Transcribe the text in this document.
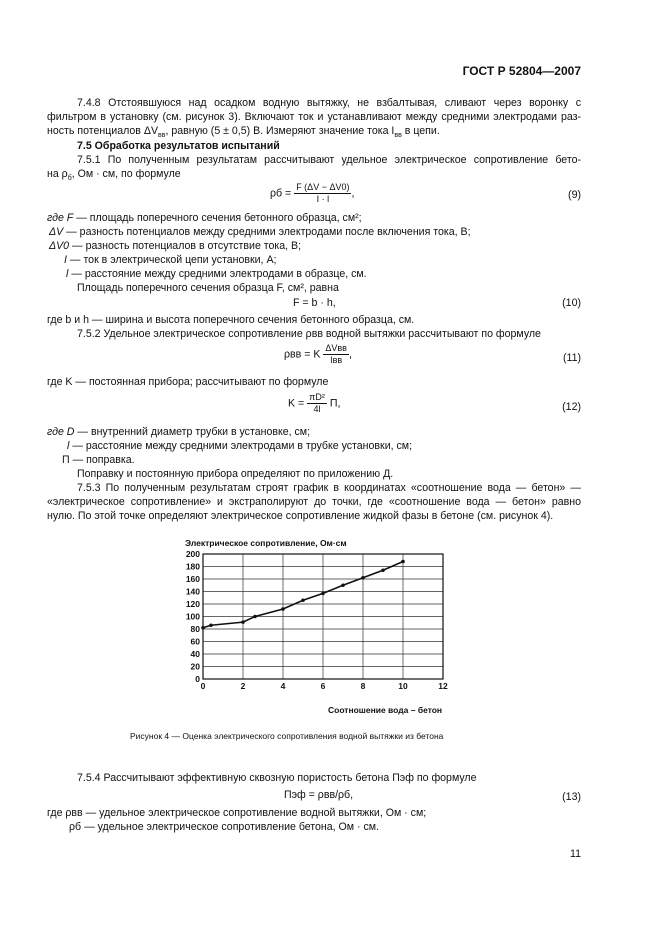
ГОСТ Р 52804—2007
7.4.8 Отстоявшуюся над осадком водную вытяжку, не взбалтывая, сливают через воронку с
фильтром в установку (см. рисунок 3). Включают ток и устанавливают между средними электродами раз-
ность потенциалов $\Delta V_{вв}$, равную (5 ± 0,5) В. Измеряют значение тока $I_{вв}$ в цепи.
7.5 Обработка результатов испытаний
7.5.1 По полученным результатам рассчитывают удельное электрическое сопротивление бето-
на $\rho_б$, Ом · см, по формуле
$\rho б = \frac{F (\Delta V - \Delta V0)}{I \cdot l}$ ,	(9)
где F — площадь поперечного сечения бетонного образца, см²;
ΔV — разность потенциалов между средними электродами после включения тока, В;
ΔV0 — разность потенциалов в отсутствие тока, В;
I — ток в электрической цепи установки, А;
l — расстояние между средними электродами в образце, см.
Площадь поперечного сечения образца F, см², равна
F = b · h,	(10)
где b и h — ширина и высота поперечного сечения бетонного образца, см.
7.5.2 Удельное электрическое сопротивление ρвв водной вытяжки рассчитывают по формуле
ρвв = K $\frac{\text{ΔVвв}}{\text{Iвв}}$ ,	(11)
где K — постоянная прибора; рассчитывают по формуле
$K = \frac{\text{πD²}}{4l} П$,	(12)
где D — внутренний диаметр трубки в установке, см;
l — расстояние между средними электродами в трубке установки, см;
П — поправка.
Поправку и постоянную прибора определяют по приложению Д.
7.5.3 По полученным результатам строят график в координатах «соотношение вода — бетон» —
«электрическое сопротивление» и экстраполируют до точки, где «соотношение вода — бетон» равно
нулю. По этой точке определяют электрическое сопротивление жидкой фазы в бетоне (см. рисунок 4).
Электрическое сопротивление, Ом·см
0
20
40
60
80
100
120
140
160
180
200
0	2	4	6	8	10	12
Соотношение вода – бетон
Рисунок 4 — Оценка электрического сопротивления водной вытяжки из бетона
7.5.4 Рассчитывают эффективную сквозную пористость бетона Пэф по формуле
Пэф = ρвв/ρб,	(13)
где ρвв — удельное электрическое сопротивление водной вытяжки, Ом · см;
ρб — удельное электрическое сопротивление бетона, Ом · см.
11
